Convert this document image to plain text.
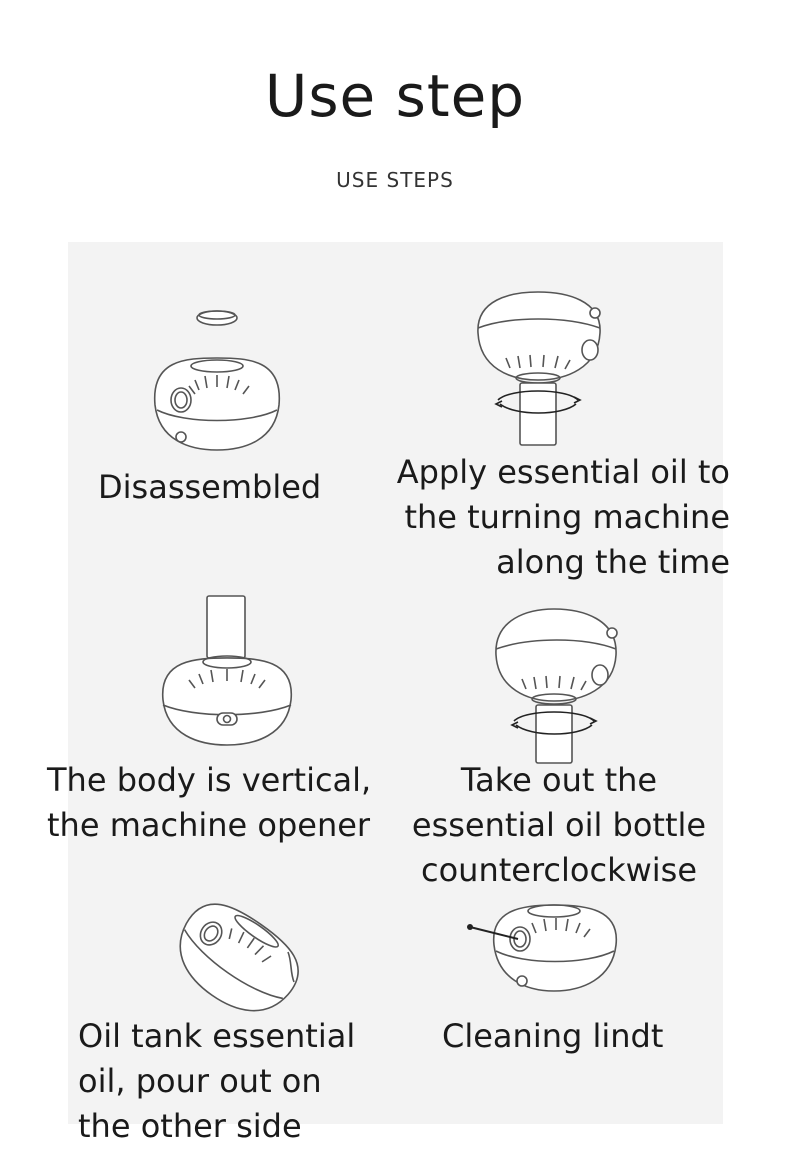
Use step
USE STEPS
Disassembled Apply essential oil to
the turning machine
along the time
The body is vertical,
the machine opener
Take out the
essential oil bottle
counterclockwise
Oil tank essential
oil, pour out on
the other side
Cleaning lindt
